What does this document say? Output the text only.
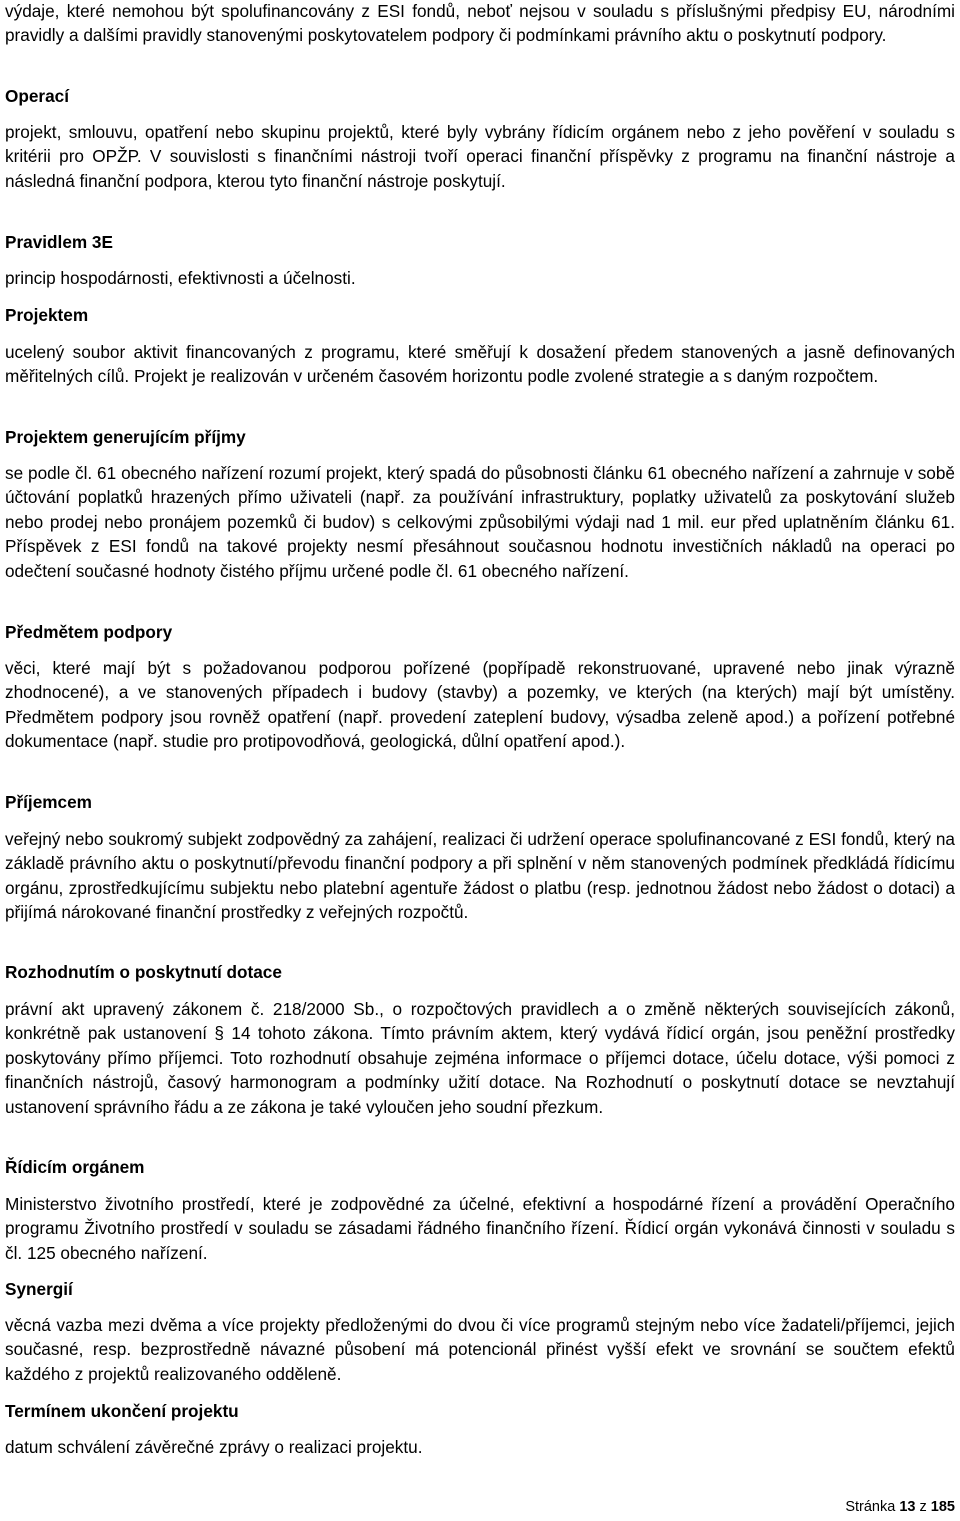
výdaje, které nemohou být spolufinancovány z ESI fondů, neboť nejsou v souladu s příslušnými předpisy EU, národními pravidly a dalšími pravidly stanovenými poskytovatelem podpory či podmínkami právního aktu o poskytnutí podpory.

Operací

projekt, smlouvu, opatření nebo skupinu projektů, které byly vybrány řídicím orgánem nebo z jeho pověření v souladu s kritérii pro OPŽP. V souvislosti s finančními nástroji tvoří operaci finanční příspěvky z programu na finanční nástroje a následná finanční podpora, kterou tyto finanční nástroje poskytují.

Pravidlem 3E

princip hospodárnosti, efektivnosti a účelnosti.

Projektem

ucelený soubor aktivit financovaných z programu, které směřují k dosažení předem stanovených a jasně definovaných měřitelných cílů. Projekt je realizován v určeném časovém horizontu podle zvolené strategie a s daným rozpočtem.

Projektem generujícím příjmy

se podle čl. 61 obecného nařízení rozumí projekt, který spadá do působnosti článku 61 obecného nařízení a zahrnuje v sobě účtování poplatků hrazených přímo uživateli (např. za používání infrastruktury, poplatky uživatelů za poskytování služeb nebo prodej nebo pronájem pozemků či budov) s celkovými způsobilými výdaji nad 1 mil. eur před uplatněním článku 61. Příspěvek z ESI fondů na takové projekty nesmí přesáhnout současnou hodnotu investičních nákladů na operaci po odečtení současné hodnoty čistého příjmu určené podle čl. 61 obecného nařízení.

Předmětem podpory

věci, které mají být s požadovanou podporou pořízené (popřípadě rekonstruované, upravené nebo jinak výrazně zhodnocené), a ve stanovených případech i budovy (stavby) a pozemky, ve kterých (na kterých) mají být umístěny. Předmětem podpory jsou rovněž opatření (např. provedení zateplení budovy, výsadba zeleně apod.) a pořízení potřebné dokumentace (např. studie pro protipovodňová, geologická, důlní opatření apod.).

Příjemcem

veřejný nebo soukromý subjekt zodpovědný za zahájení, realizaci či udržení operace spolufinancované z ESI fondů, který na základě právního aktu o poskytnutí/převodu finanční podpory a při splnění v něm stanovených podmínek předkládá řídicímu orgánu, zprostředkujícímu subjektu nebo platební agentuře žádost o platbu (resp. jednotnou žádost nebo žádost o dotaci) a přijímá nárokované finanční prostředky z veřejných rozpočtů.

Rozhodnutím o poskytnutí dotace

právní akt upravený zákonem č. 218/2000 Sb., o rozpočtových pravidlech a o změně některých souvisejících zákonů, konkrétně pak ustanovení § 14 tohoto zákona. Tímto právním aktem, který vydává řídicí orgán, jsou peněžní prostředky poskytovány přímo příjemci. Toto rozhodnutí obsahuje zejména informace o příjemci dotace, účelu dotace, výši pomoci z finančních nástrojů, časový harmonogram a podmínky užití dotace. Na Rozhodnutí o poskytnutí dotace se nevztahují ustanovení správního řádu a ze zákona je také vyloučen jeho soudní přezkum.

Řídicím orgánem

Ministerstvo životního prostředí, které je zodpovědné za účelné, efektivní a hospodárné řízení a provádění Operačního programu Životního prostředí v souladu se zásadami řádného finančního řízení. Řídicí orgán vykonává činnosti v souladu s čl. 125 obecného nařízení.

Synergií

věcná vazba mezi dvěma a více projekty předloženými do dvou či více programů stejným nebo více žadateli/příjemci, jejich současné, resp. bezprostředně návazné působení má potencionál přinést vyšší efekt ve srovnání se součtem efektů každého z projektů realizovaného odděleně.

Termínem ukončení projektu

datum schválení závěrečné zprávy o realizaci projektu.

Stránka 13 z 185
